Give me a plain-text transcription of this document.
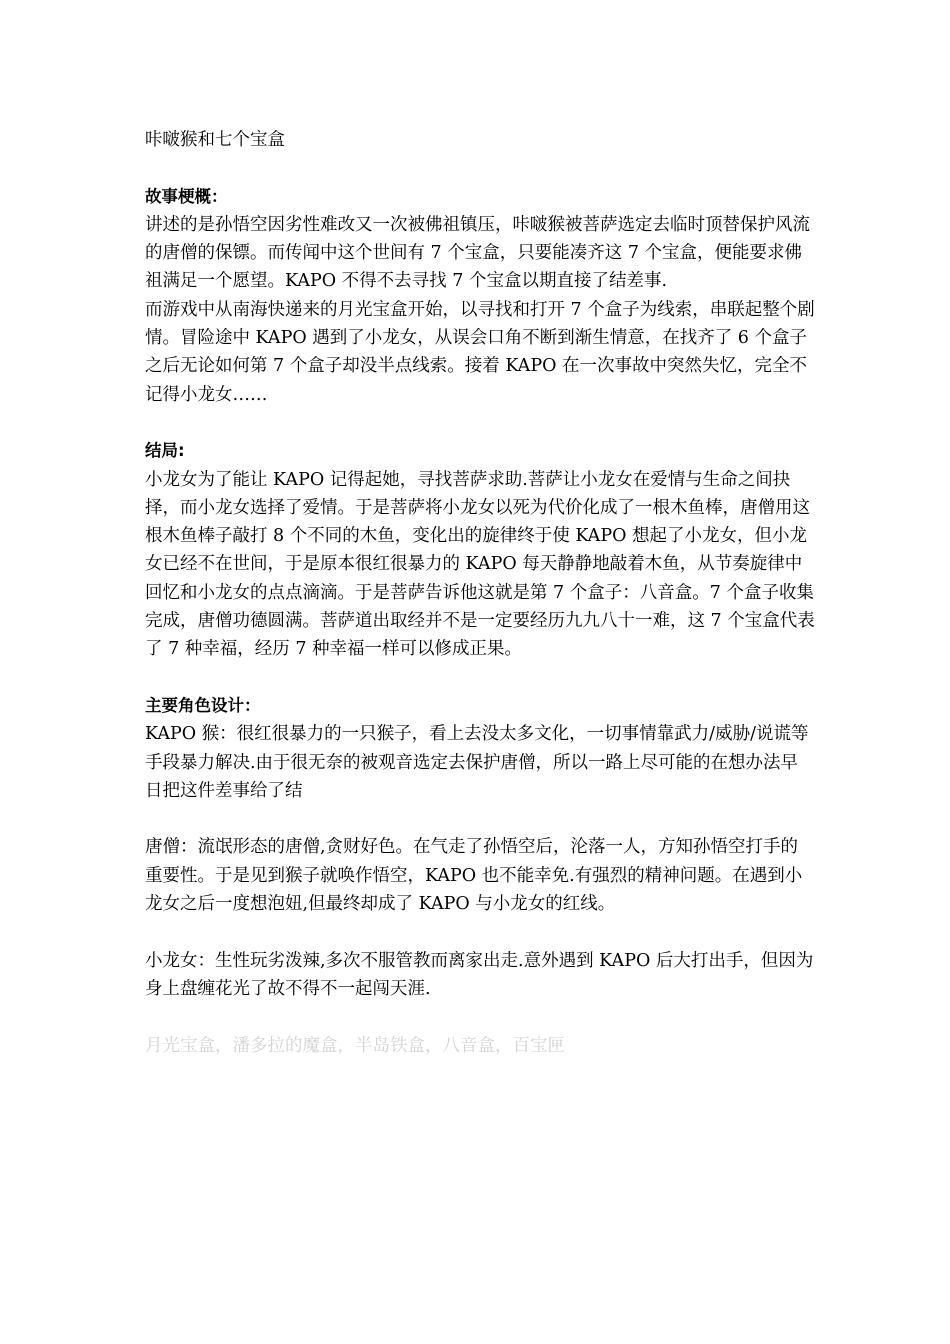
咔啵猴和七个宝盒

故事梗概：

讲述的是孙悟空因劣性难改又一次被佛祖镇压，咔啵猴被菩萨选定去临时顶替保护风流的唐僧的保镖。而传闻中这个世间有 7 个宝盒，只要能凑齐这 7 个宝盒，便能要求佛祖满足一个愿望。KAPO 不得不去寻找 7 个宝盒以期直接了结差事.

而游戏中从南海快递来的月光宝盒开始，以寻找和打开 7 个盒子为线索，串联起整个剧情。冒险途中 KAPO 遇到了小龙女，从误会口角不断到渐生情意，在找齐了 6 个盒子之后无论如何第 7 个盒子却没半点线索。接着 KAPO 在一次事故中突然失忆，完全不记得小龙女……

结局:

小龙女为了能让 KAPO 记得起她，寻找菩萨求助.菩萨让小龙女在爱情与生命之间抉择，而小龙女选择了爱情。于是菩萨将小龙女以死为代价化成了一根木鱼棒，唐僧用这根木鱼棒子敲打 8 个不同的木鱼，变化出的旋律终于使 KAPO 想起了小龙女，但小龙女已经不在世间，于是原本很红很暴力的 KAPO 每天静静地敲着木鱼，从节奏旋律中回忆和小龙女的点点滴滴。于是菩萨告诉他这就是第 7 个盒子：八音盒。7 个盒子收集完成，唐僧功德圆满。菩萨道出取经并不是一定要经历九九八十一难，这 7 个宝盒代表了 7 种幸福，经历 7 种幸福一样可以修成正果。

主要角色设计：

KAPO 猴：很红很暴力的一只猴子，看上去没太多文化，一切事情靠武力/威胁/说谎等手段暴力解决.由于很无奈的被观音选定去保护唐僧，所以一路上尽可能的在想办法早日把这件差事给了结

唐僧：流氓形态的唐僧,贪财好色。在气走了孙悟空后，沦落一人，方知孙悟空打手的重要性。于是见到猴子就唤作悟空，KAPO 也不能幸免.有强烈的精神问题。在遇到小龙女之后一度想泡妞,但最终却成了 KAPO 与小龙女的红线。

小龙女：生性玩劣泼辣,多次不服管教而离家出走.意外遇到 KAPO 后大打出手，但因为身上盘缠花光了故不得不一起闯天涯.

月光宝盒，潘多拉的魔盒，半岛铁盒，八音盒，百宝匣
